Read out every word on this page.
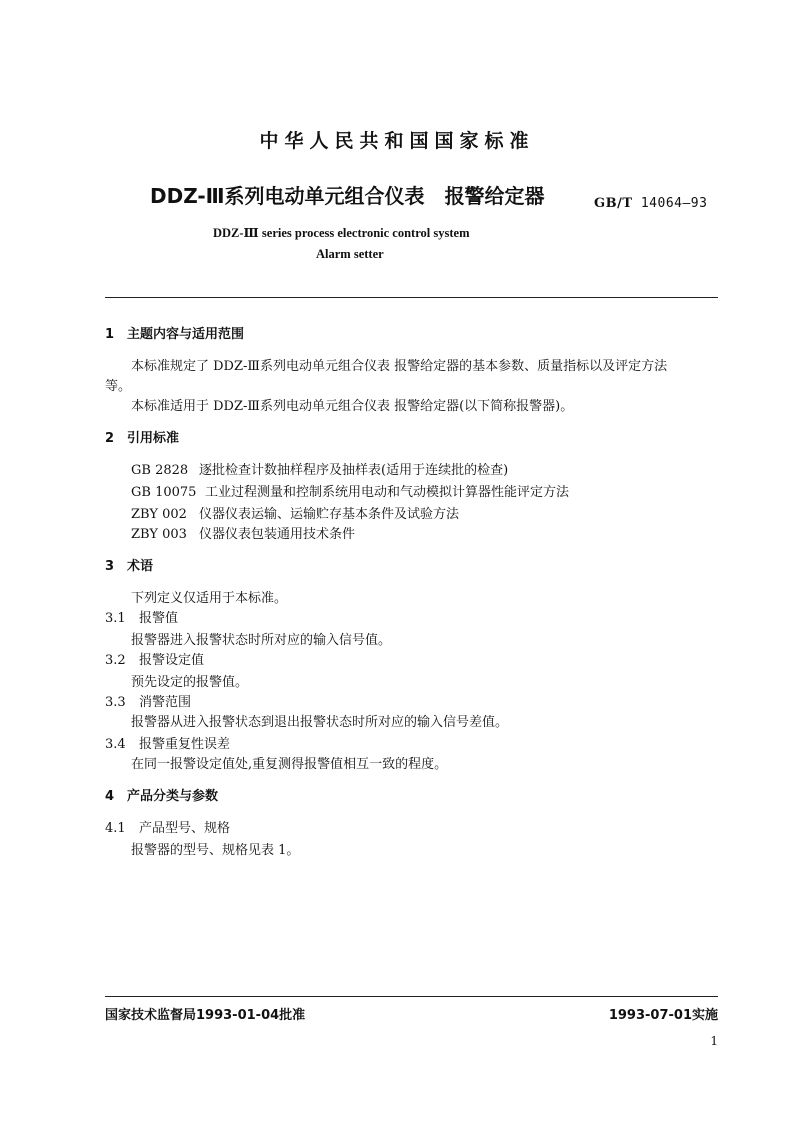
中华人民共和国国家标准
DDZ-Ⅲ系列电动单元组合仪表 报警给定器	GB/T 14064—93
DDZ-Ⅲ series process electronic control system
Alarm setter
1 主题内容与适用范围
本标准规定了 DDZ-Ⅲ系列电动单元组合仪表 报警给定器的基本参数、质量指标以及评定方法
等。
本标准适用于 DDZ-Ⅲ系列电动单元组合仪表 报警给定器(以下简称报警器)。
2 引用标准
GB 2828 逐批检查计数抽样程序及抽样表(适用于连续批的检查)
GB 10075 工业过程测量和控制系统用电动和气动模拟计算器性能评定方法
ZBY 002 仪器仪表运输、运输贮存基本条件及试验方法
ZBY 003 仪器仪表包装通用技术条件
3 术语
下列定义仅适用于本标准。
3.1 报警值
报警器进入报警状态时所对应的输入信号值。
3.2 报警设定值
预先设定的报警值。
3.3 消警范围
报警器从进入报警状态到退出报警状态时所对应的输入信号差值。
3.4 报警重复性误差
在同一报警设定值处,重复测得报警值相互一致的程度。
4 产品分类与参数
4.1 产品型号、规格
报警器的型号、规格见表 1。
国家技术监督局1993-01-04批准	1993-07-01实施
1
